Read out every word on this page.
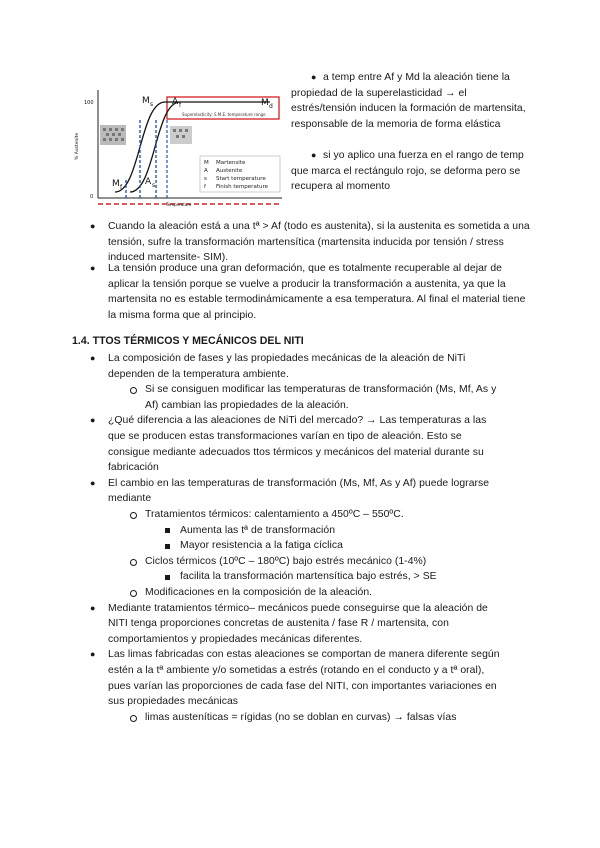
M Martensite
A Austenite
s Start temperature
f Finish temperature
M s A f	M d
M f
A s
100
0
Superelasticity: S.M.E. temperature range
Temperature
% Austenite
● a temp entre Af y Md la aleación tiene la propiedad de la superelasticidad → el estrés/tensión inducen la formación de martensita, responsable de la memoria de forma elástica
● si yo aplico una fuerza en el rango de temp que marca el rectángulo rojo, se deforma pero se recupera al momento
● Cuando la aleación está a una tª > Af (todo es austenita), si la austenita es sometida a una tensión, sufre la transformación martensítica (martensita inducida por tensión / stress induced martensite- SIM).
● La tensión produce una gran deformación, que es totalmente recuperable al dejar de aplicar la tensión porque se vuelve a producir la transformación a austenita, ya que la martensita no es estable termodinámicamente a esa temperatura. Al final el material tiene la misma forma que al principio.
1.4. TTOS TÉRMICOS Y MECÁNICOS DEL NITI
La composición de fases y las propiedades mecánicas de la aleación de NiTi
●
dependen de la temperatura ambiente.
Si se consiguen modificar las temperaturas de transformación (Ms, Mf, As y
Af) cambian las propiedades de la aleación.
¿Qué diferencia a las aleaciones de NiTi del mercado? → Las temperaturas a las
●
que se producen estas transformaciones varían en tipo de aleación. Esto se
consigue mediante adecuados ttos térmicos y mecánicos del material durante su
fabricación
El cambio en las temperaturas de transformación (Ms, Mf, As y Af) puede lograrse
●
mediante
Tratamientos térmicos: calentamiento a 450ºC – 550ºC.
Aumenta las tª de transformación
Mayor resistencia a la fatiga cíclica
Ciclos térmicos (10ºC – 180ºC) bajo estrés mecánico (1-4%)
facilita la transformación martensítica bajo estrés, > SE
Modificaciones en la composición de la aleación.
Mediante tratamientos térmico– mecánicos puede conseguirse que la aleación de
●
NITI tenga proporciones concretas de austenita / fase R / martensita, con
comportamientos y propiedades mecánicas diferentes.
Las limas fabricadas con estas aleaciones se comportan de manera diferente según
●
estén a la tª ambiente y/o sometidas a estrés (rotando en el conducto y a tª oral),
pues varían las proporciones de cada fase del NITI, con importantes variaciones en
sus propiedades mecánicas
limas austeníticas = rígidas (no se doblan en curvas) → falsas vías
